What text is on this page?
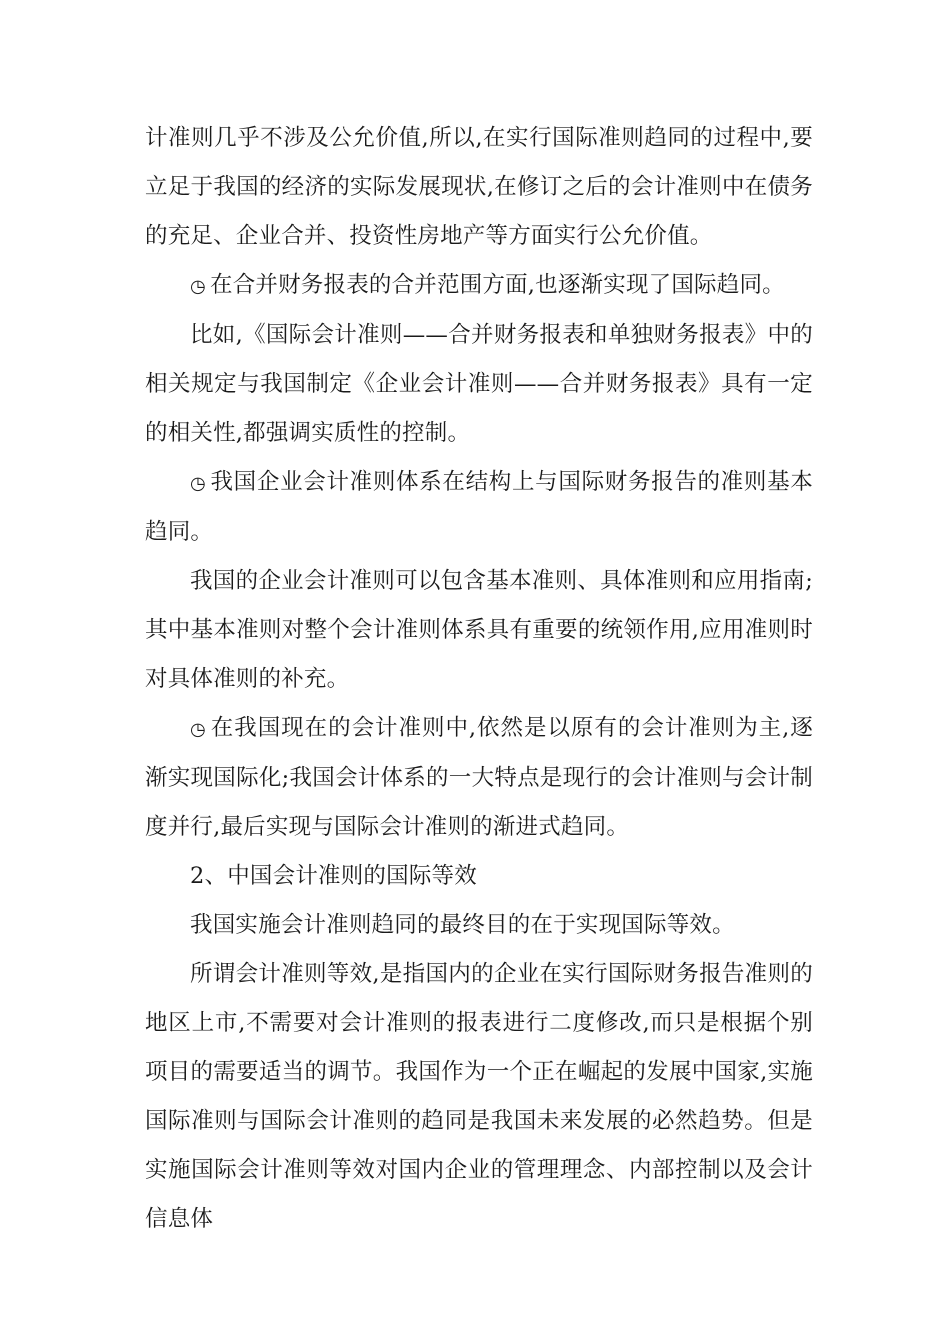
计准则几乎不涉及公允价值,所以,在实行国际准则趋同的过程中,要立足于我国的经济的实际发展现状,在修订之后的会计准则中在债务的充足、企业合并、投资性房地产等方面实行公允价值。

◷ 在合并财务报表的合并范围方面,也逐渐实现了国际趋同。

比如,《国际会计准则——合并财务报表和单独财务报表》中的相关规定与我国制定《企业会计准则——合并财务报表》具有一定的相关性,都强调实质性的控制。

◷ 我国企业会计准则体系在结构上与国际财务报告的准则基本趋同。

我国的企业会计准则可以包含基本准则、具体准则和应用指南;其中基本准则对整个会计准则体系具有重要的统领作用,应用准则时对具体准则的补充。

◷ 在我国现在的会计准则中,依然是以原有的会计准则为主,逐渐实现国际化;我国会计体系的一大特点是现行的会计准则与会计制度并行,最后实现与国际会计准则的渐进式趋同。

2、中国会计准则的国际等效

我国实施会计准则趋同的最终目的在于实现国际等效。

所谓会计准则等效,是指国内的企业在实行国际财务报告准则的地区上市,不需要对会计准则的报表进行二度修改,而只是根据个别项目的需要适当的调节。我国作为一个正在崛起的发展中国家,实施国际准则与国际会计准则的趋同是我国未来发展的必然趋势。但是实施国际会计准则等效对国内企业的管理理念、内部控制以及会计信息体
